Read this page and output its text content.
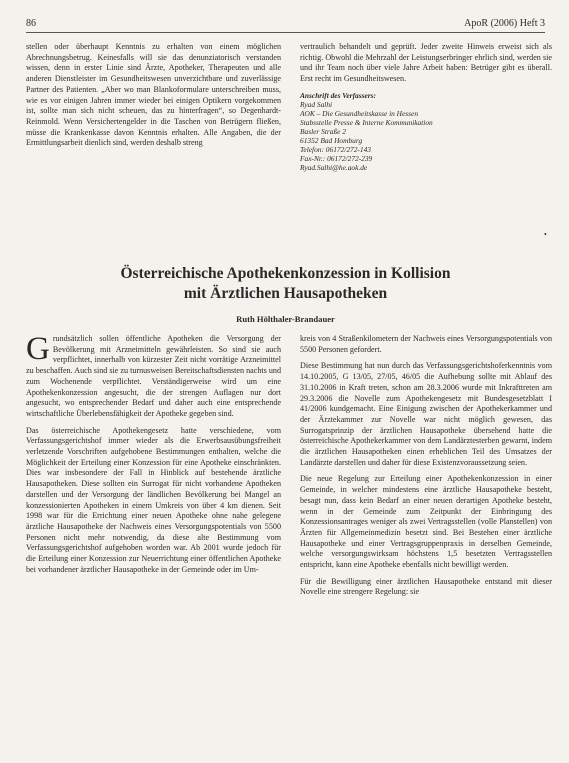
86	ApoR (2006) Heft 3

stellen oder überhaupt Kenntnis zu erhalten von einem möglichen Abrechnungsbetrug. Keinesfalls will sie das denunziatorisch verstanden wissen, denn in erster Linie sind Ärzte, Apotheker, Therapeuten und alle anderen Dienstleister im Gesundheitswesen unverzichtbare und zuverlässige Partner des Patienten. „Aber wo man Blankoformulare unterschreiben muss, wie es vor einigen Jahren immer wieder bei einigen Optikern vorgekommen ist, sollte man sich nicht scheuen, das zu hinterfragen“, so Degenhardt-Reinmold. Wenn Versichertengelder in die Taschen von Betrügern fließen, müsse die Krankenkasse davon Kenntnis erhalten. Alle Angaben, die der Ermittlungsarbeit dienlich sind, werden deshalb streng

vertraulich behandelt und geprüft. Jeder zweite Hinweis erweist sich als richtig. Obwohl die Mehrzahl der Leistungserbringer ehrlich sind, werden sie und ihr Team noch über viele Jahre Arbeit haben: Betrüger gibt es überall. Erst recht im Gesundheitswesen.

Anschrift des Verfassers:
Ryad Salhi
AOK – Die Gesundheitskasse in Hessen
Stabsstelle Presse & Interne Kommunikation
Basler Straße 2
61352 Bad Homburg
Telefon: 06172/272-143
Fax-Nr.: 06172/272-239
Ryad.Salhi@he.aok.de
•
Österreichische Apothekenkonzession in Kollision
mit Ärztlichen Hausapotheken
Ruth Hölthaler-Brandauer

Grundsätzlich sollen öffentliche Apotheken die Versorgung der Bevölkerung mit Arzneimitteln gewährleisten. So sind sie auch verpflichtet, innerhalb von kürzester Zeit nicht vorrätige Arzneimittel zu beschaffen. Auch sind sie zu turnusweisen Bereitschaftsdiensten nachts und zum Wochenende verpflichtet. Verständigerweise wird um eine Apothekenkonzession angesucht, die der strengen Auflagen nur dort angesucht, wo entsprechender Bedarf und daher auch eine entsprechende wirtschaftliche Überlebensfähigkeit der Apotheke gegeben sind.

Das österreichische Apothekengesetz hatte verschiedene, vom Verfassungsgerichtshof immer wieder als die Erwerbsausübungsfreiheit verletzende Vorschriften aufgehobene Bestimmungen enthalten, welche die Möglichkeit der Erteilung einer Konzession für eine Apotheke einschränkten. Dies war insbesondere der Fall in Hinblick auf bestehende ärztliche Hausapotheken. Diese sollten ein Surrogat für nicht vorhandene Apotheken darstellen und der Versorgung der ländlichen Bevölkerung bei Mangel an konzessionierten Apotheken in einem Umkreis von über 4 km dienen. Seit 1998 war für die Errichtung einer neuen Apotheke ohne nahe gelegene ärztliche Hausapotheke der Nachweis eines Versorgungspotentials von 5500 Personen nicht mehr notwendig, da diese alte Bestimmung vom Verfassungsgerichtshof aufgehoben worden war. Ab 2001 wurde jedoch für die Erteilung einer Konzession zur Neuerrichtung einer öffentlichen Apotheke bei vorhandener ärztlicher Hausapotheke in der Gemeinde oder im Um-

kreis von 4 Straßenkilometern der Nachweis eines Versorgungspotentials von 5500 Personen gefordert.

Diese Bestimmung hat nun durch das Verfassungsgerichtshoferkenntnis vom 14.10.2005, G 13/05, 27/05, 46/05 die Aufhebung sollte mit Ablauf des 31.10.2006 in Kraft treten, schon am 28.3.2006 wurde mit Inkrafttreten am 29.3.2006 die Novelle zum Apothekengesetz mit Bundesgesetzblatt I 41/2006 kundgemacht. Eine Einigung zwischen der Apothekerkammer und der Ärztekammer zur Novelle war nicht möglich gewesen, das Surrogatsprinzip der ärztlichen Hausapotheke übersehend hatte die österreichische Apothekerkammer von dem Landärztesterben gewarnt, indem die ärztlichen Hausapotheken einen erheblichen Teil des Umsatzes der Landärzte darstellen und daher für diese Existenzvoraussetzung seien.

Die neue Regelung zur Erteilung einer Apothekenkonzession in einer Gemeinde, in welcher mindestens eine ärztliche Hausapotheke besteht, besagt nun, dass kein Bedarf an einer neuen derartigen Apotheke besteht, wenn in der Gemeinde zum Zeitpunkt der Einbringung des Konzessionsantrages weniger als zwei Vertragsstellen (volle Planstellen) von Ärzten für Allgemeinmedizin besetzt sind. Bei Bestehen einer ärztliche Hausapotheke und einer Vertragsgruppenpraxis in derselben Gemeinde, welche versorgungswirksam höchstens 1,5 besetzten Vertragsstellen entspricht, kann eine Apotheke ebenfalls nicht bewilligt werden.

Für die Bewilligung einer ärztlichen Hausapotheke entstand mit dieser Novelle eine strengere Regelung: sie
